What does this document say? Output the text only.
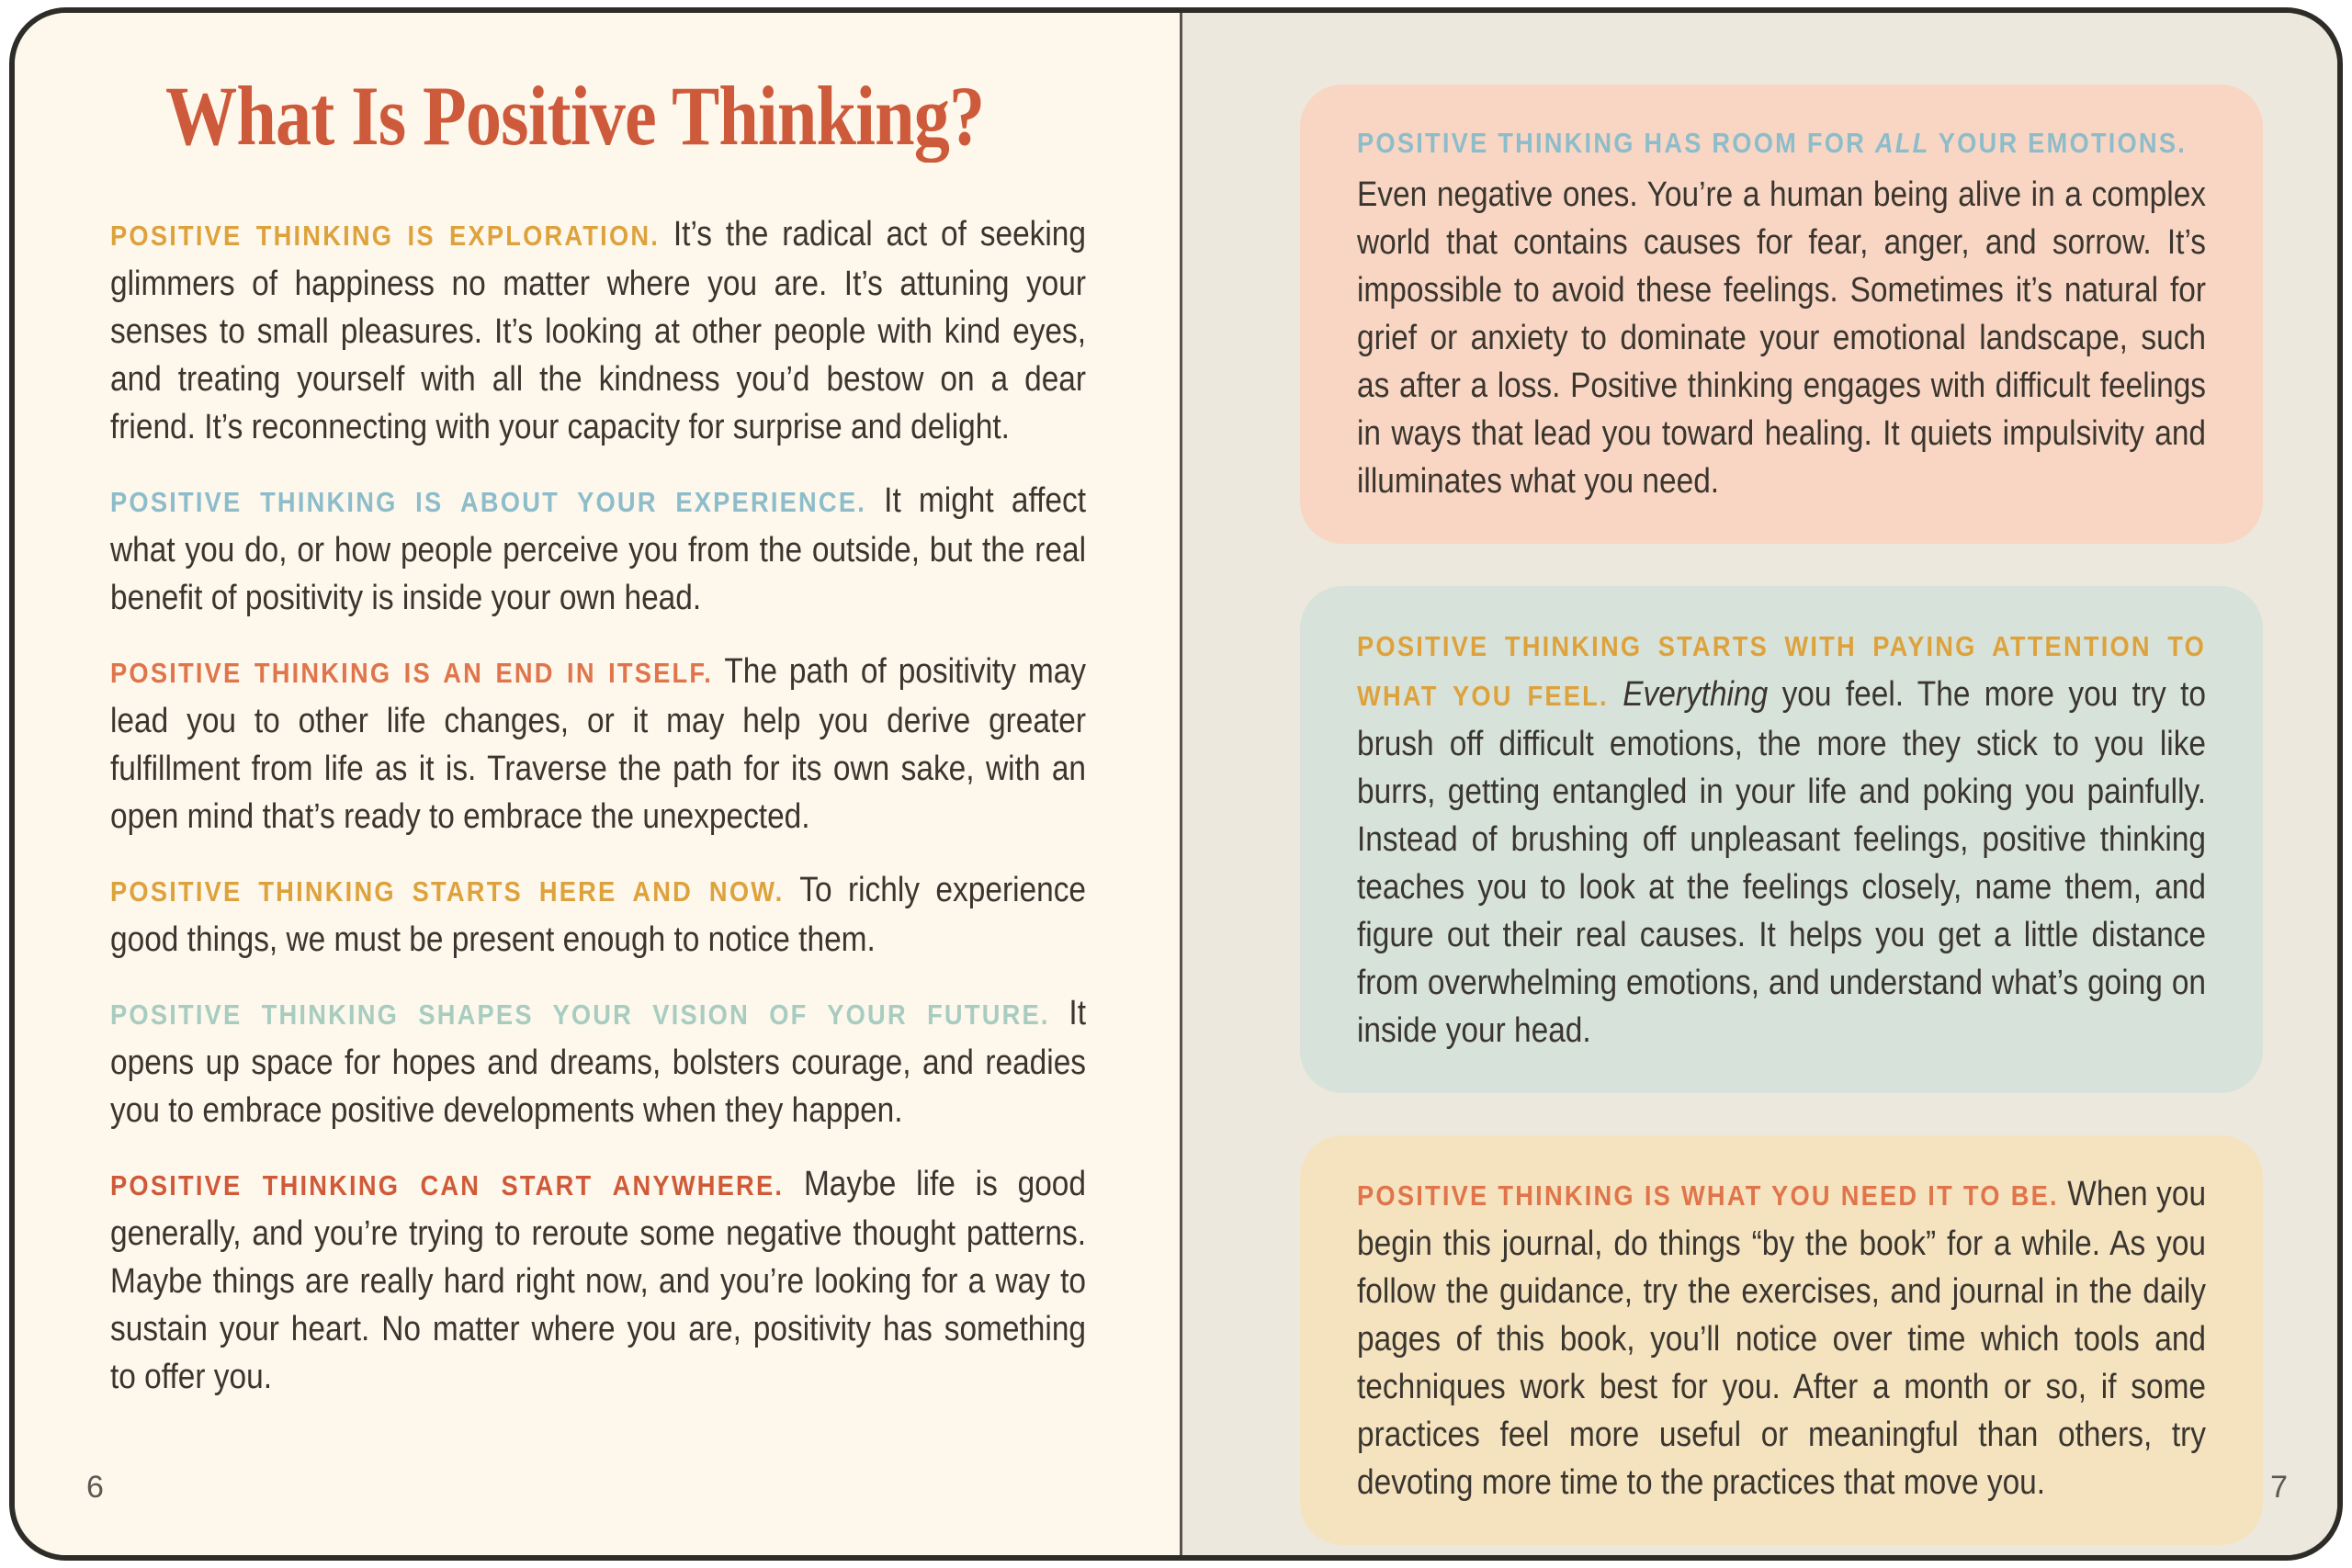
What Is Positive Thinking?

POSITIVE THINKING IS EXPLORATION. It’s the radical act of seeking glimmers of happiness no matter where you are. It’s attuning your senses to small pleasures. It’s looking at other people with kind eyes, and treating yourself with all the kindness you’d bestow on a dear friend. It’s reconnecting with your capacity for surprise and delight.

POSITIVE THINKING IS ABOUT YOUR EXPERIENCE. It might affect what you do, or how people perceive you from the outside, but the real benefit of positivity is inside your own head.

POSITIVE THINKING IS AN END IN ITSELF. The path of positivity may lead you to other life changes, or it may help you derive greater fulfillment from life as it is. Traverse the path for its own sake, with an open mind that’s ready to embrace the unexpected.

POSITIVE THINKING STARTS HERE AND NOW. To richly experience good things, we must be present enough to notice them.

POSITIVE THINKING SHAPES YOUR VISION OF YOUR FUTURE. It opens up space for hopes and dreams, bolsters courage, and readies you to embrace positive developments when they happen.

POSITIVE THINKING CAN START ANYWHERE. Maybe life is good generally, and you’re trying to reroute some negative thought patterns. Maybe things are really hard right now, and you’re looking for a way to sustain your heart. No matter where you are, positivity has something to offer you.

6

POSITIVE THINKING HAS ROOM FOR ALL YOUR EMOTIONS.
Even negative ones. You’re a human being alive in a complex world that contains causes for fear, anger, and sorrow. It’s impossible to avoid these feelings. Sometimes it’s natural for grief or anxiety to dominate your emotional landscape, such as after a loss. Positive thinking engages with difficult feelings in ways that lead you toward healing. It quiets impulsivity and illuminates what you need.

POSITIVE THINKING STARTS WITH PAYING ATTENTION TO WHAT YOU FEEL. Everything you feel. The more you try to brush off difficult emotions, the more they stick to you like burrs, getting entangled in your life and poking you painfully. Instead of brushing off unpleasant feelings, positive thinking teaches you to look at the feelings closely, name them, and figure out their real causes. It helps you get a little distance from overwhelming emotions, and understand what’s going on inside your head.

POSITIVE THINKING IS WHAT YOU NEED IT TO BE. When you begin this journal, do things “by the book” for a while. As you follow the guidance, try the exercises, and journal in the daily pages of this book, you’ll notice over time which tools and techniques work best for you. After a month or so, if some practices feel more useful or meaningful than others, try devoting more time to the practices that move you.	7
